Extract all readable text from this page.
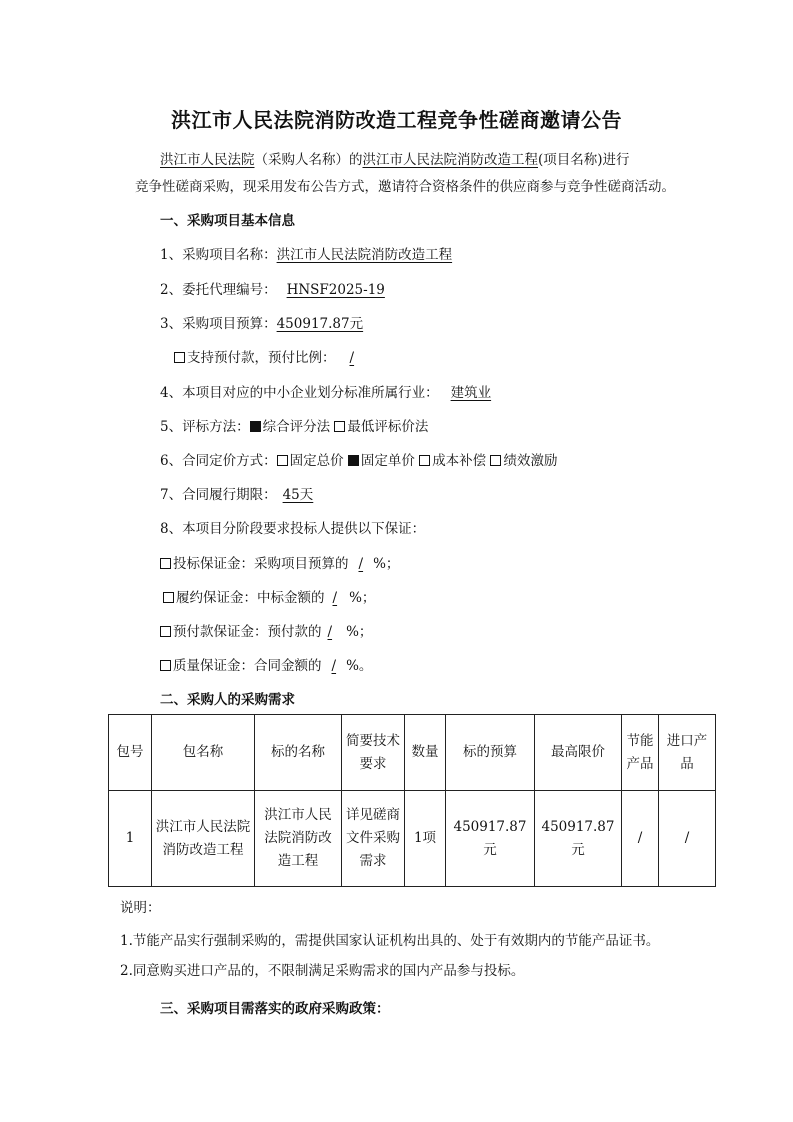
洪江市人民法院消防改造工程竞争性磋商邀请公告
洪江市人民法院（采购人名称）的洪江市人民法院消防改造工程(项目名称)进行
竞争性磋商采购，现采用发布公告方式，邀请符合资格条件的供应商参与竞争性磋商活动。
一、采购项目基本信息
1、采购项目名称：洪江市人民法院消防改造工程
2、委托代理编号： HNSF2025-19
3、采购项目预算：450917.87元
支持预付款，预付比例： /
4、本项目对应的中小企业划分标准所属行业： 建筑业
5、评标方法： 综合评分法 最低评标价法
6、合同定价方式： 固定总价 固定单价 成本补偿 绩效激励
7、合同履行期限： 45天
8、本项目分阶段要求投标人提供以下保证：
投标保证金：采购项目预算的 / %；
履约保证金：中标金额的 / %；
预付款保证金：预付款的 / %；
质量保证金：合同金额的 / %。
二、采购人的采购需求
包号	包名称	标的名称	简要技术要求	数量	标的预算	最高限价	节能产品	进口产品
1	洪江市人民法院消防改造工程	洪江市人民法院消防改造工程	详见磋商文件采购需求	1项	450917.87元	450917.87元	/	/
说明：
1.节能产品实行强制采购的，需提供国家认证机构出具的、处于有效期内的节能产品证书。
2.同意购买进口产品的，不限制满足采购需求的国内产品参与投标。
三、采购项目需落实的政府采购政策：
